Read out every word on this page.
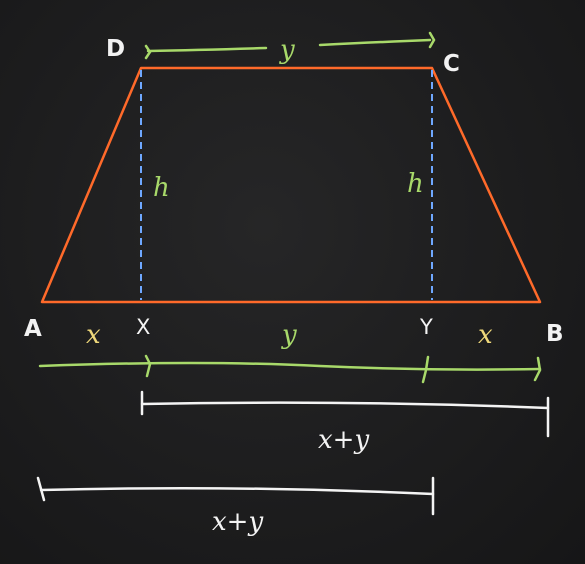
D
C
A	B
X	Y
y
h	h
x	y	x
x+y
x+y
